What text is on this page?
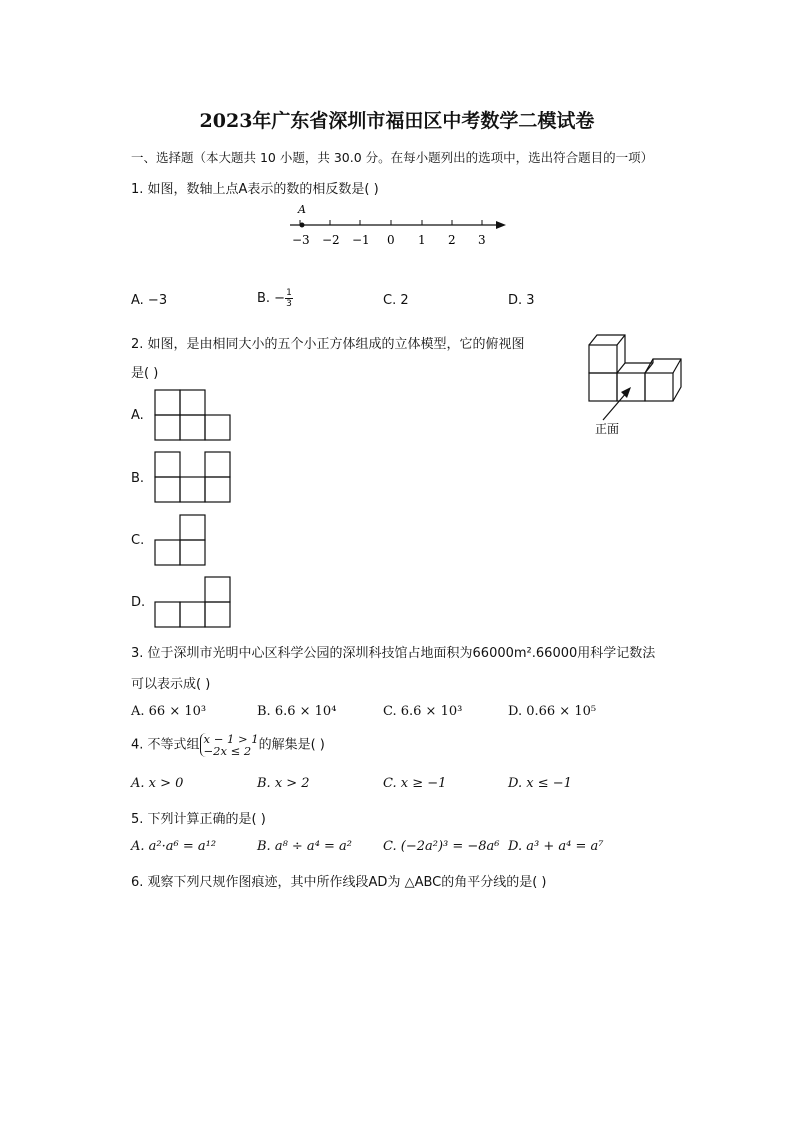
2023年广东省深圳市福田区中考数学二模试卷
一、选择题（本大题共 10 小题，共 30.0 分。在每小题列出的选项中，选出符合题目的一项）
1. 如图，数轴上点A表示的数的相反数是( )
A
−3 −2 −1 0 1 2 3
A. −3	B. − $\frac{1}{3}$	C. 2	D. 3
2. 如图，是由相同大小的五个小正方体组成的立体模型，它的俯视图
是( )
正面
A.
B.
C.
D.
3. 位于深圳市光明中心区科学公园的深圳科技馆占地面积为66000m².66000用科学记数法
可以表示成( )
A. 66 × 10³	B. 6.6 × 10⁴	C. 6.6 × 10³	D. 0.66 × 10⁵
4. 不等式组 x − 1 > 1
−2x ≤ 2 的解集是( )
A. x > 0	B. x > 2	C. x ≥ −1	D. x ≤ −1
5. 下列计算正确的是( )
A. a²·a⁶ = a¹²	B. a⁸ ÷ a⁴ = a² C. (−2a²)³ = −8a⁶ D. a³ + a⁴ = a⁷
6. 观察下列尺规作图痕迹，其中所作线段AD为 △ABC的角平分线的是( )
